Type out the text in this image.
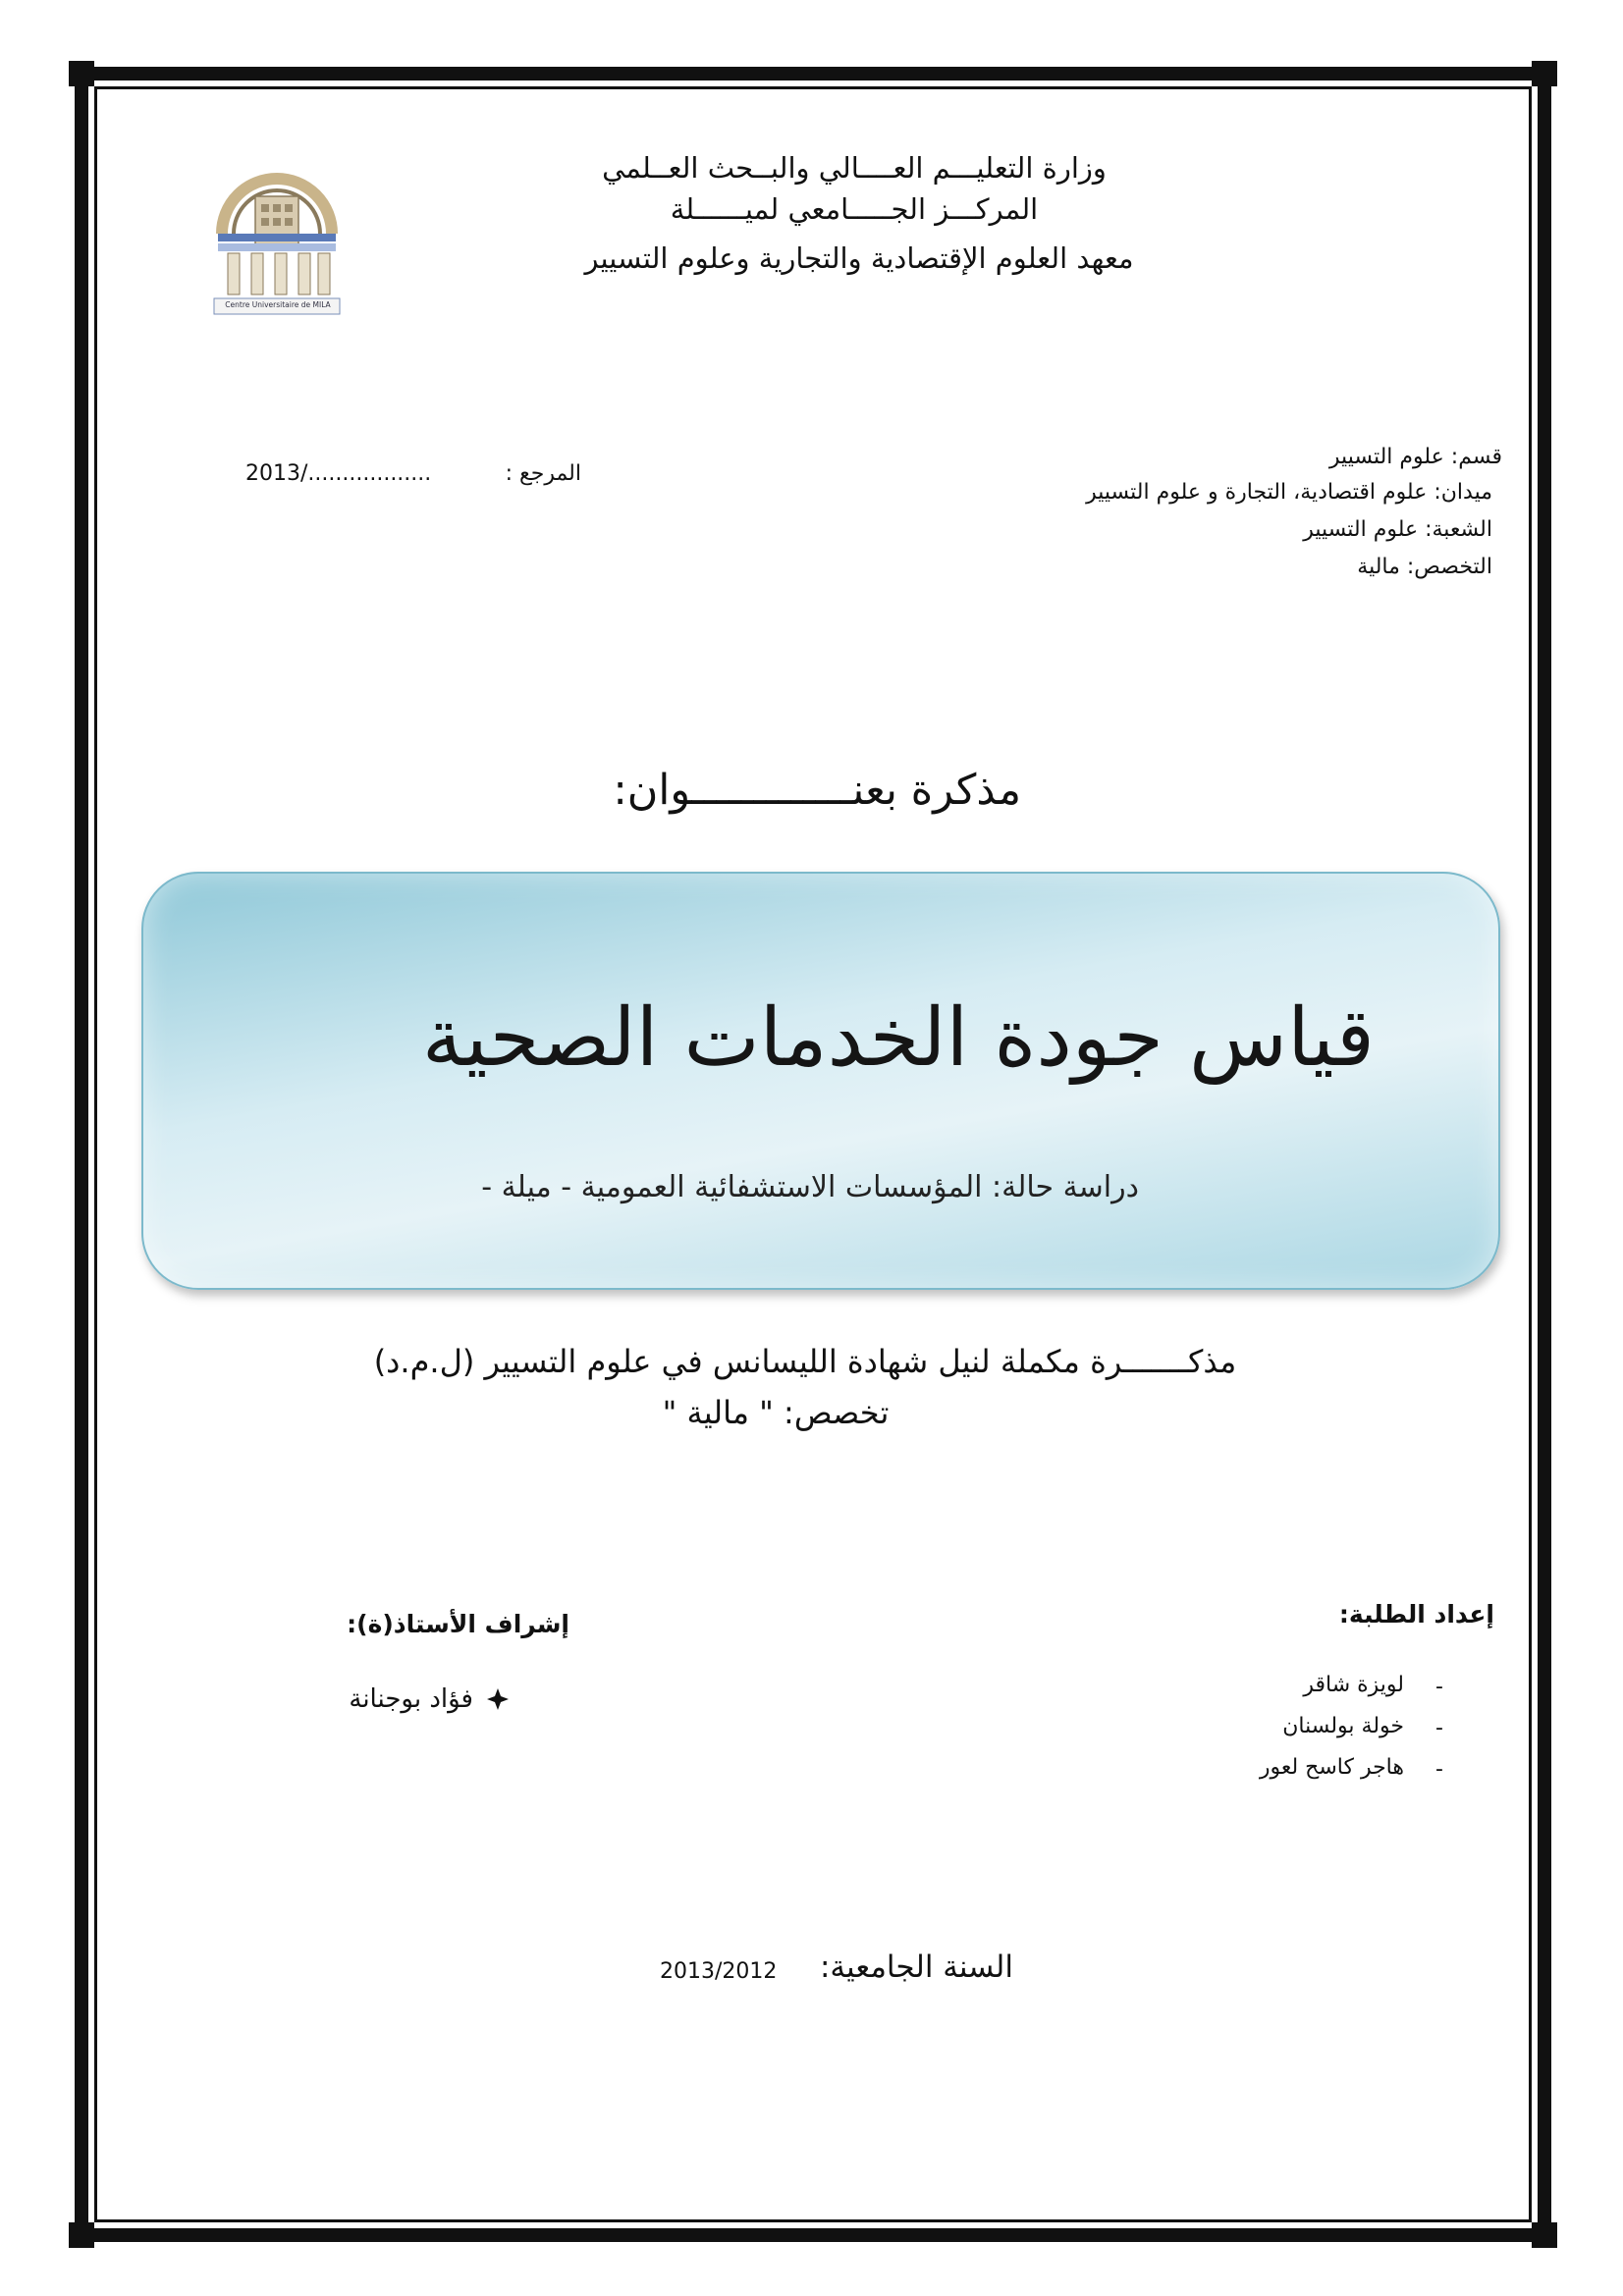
Centre Universitaire de MILA
وزارة التعليـــم العــــالي والبــحث العــلمي
المركـــز الجـــــامعي لميــــــلة
معهد العلوم الإقتصادية والتجارية وعلوم التسيير
المرجع :
2013/..................
قسم: علوم التسيير
ميدان: علوم اقتصادية، التجارة و علوم التسيير
الشعبة: علوم التسيير
التخصص: مالية
مذكرة بعنـــــــــــــوان:
قياس جودة الخدمات الصحية
دراسة حالة: المؤسسات الاستشفائية العمومية - ميلة -
مذكـــــــرة مكملة لنيل شهادة الليسانس في علوم التسيير (ل.م.د)
تخصص: " مالية "
إعداد الطلبة:
-
لويزة شاقر
-
خولة بولسنان
-
هاجر كاسح لعور
إشراف الأستاذ(ة):
فؤاد بوجنانة
السنة الجامعية:
2013/2012
